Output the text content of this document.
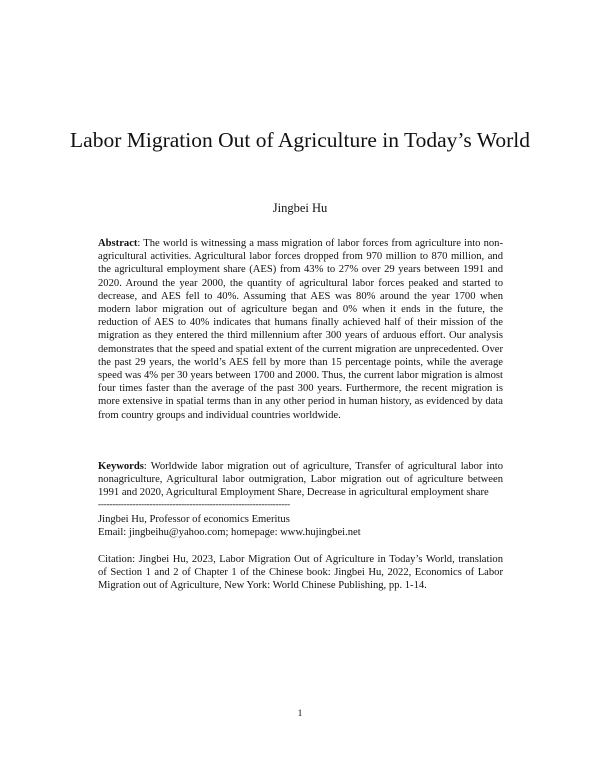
Labor Migration Out of Agriculture in Today’s World
Jingbei Hu

Abstract: The world is witnessing a mass migration of labor forces from agriculture into non-agricultural activities. Agricultural labor forces dropped from 970 million to 870 million, and the agricultural employment share (AES) from 43% to 27% over 29 years between 1991 and 2020. Around the year 2000, the quantity of agricultural labor forces peaked and started to decrease, and AES fell to 40%. Assuming that AES was 80% around the year 1700 when modern labor migration out of agriculture began and 0% when it ends in the future, the reduction of AES to 40% indicates that humans finally achieved half of their mission of the migration as they entered the third millennium after 300 years of arduous effort. Our analysis demonstrates that the speed and spatial extent of the current migration are unprecedented. Over the past 29 years, the world’s AES fell by more than 15 percentage points, while the average speed was 4% per 30 years between 1700 and 2000. Thus, the current labor migration is almost four times faster than the average of the past 300 years. Furthermore, the recent migration is more extensive in spatial terms than in any other period in human history, as evidenced by data from country groups and individual countries worldwide.

Keywords: Worldwide labor migration out of agriculture, Transfer of agricultural labor into nonagriculture, Agricultural labor outmigration, Labor migration out of agriculture between 1991 and 2020, Agricultural Employment Share, Decrease in agricultural employment share

-------------------------------------------------------------------

Jingbei Hu, Professor of economics Emeritus

Email: jingbeihu@yahoo.com; homepage: www.hujingbei.net

Citation: Jingbei Hu, 2023, Labor Migration Out of Agriculture in Today’s World, translation of Section 1 and 2 of Chapter 1 of the Chinese book: Jingbei Hu, 2022, Economics of Labor Migration out of Agriculture, New York: World Chinese Publishing, pp. 1-14.

1
